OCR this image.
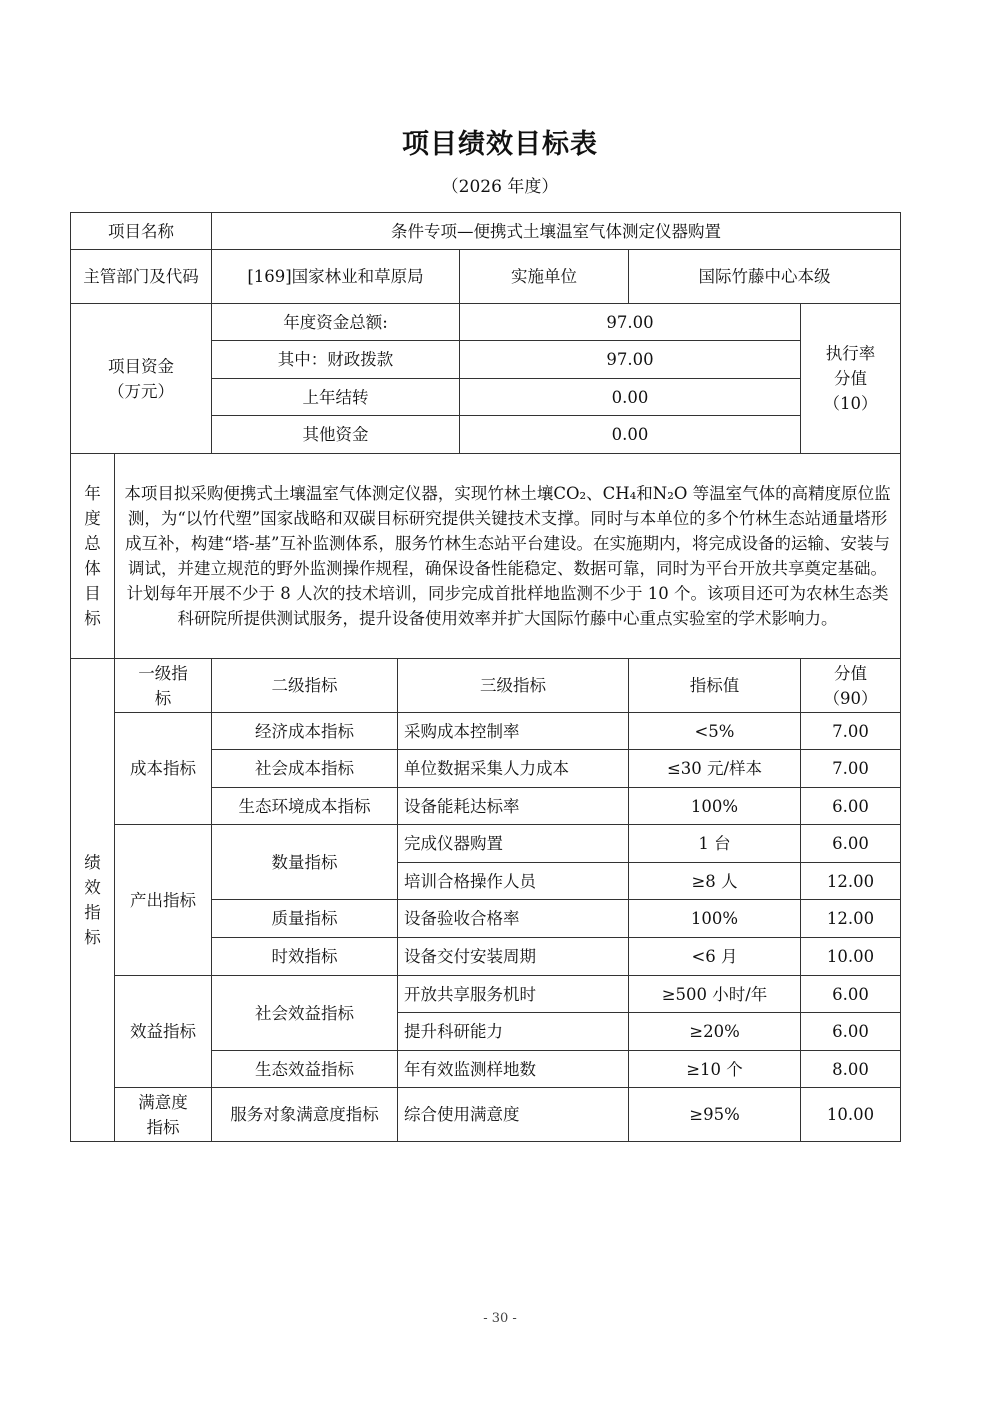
项目绩效目标表
（2026 年度）
项目名称		条件专项—便携式土壤温室气体测定仪器购置				
主管部门及代码		[169]国家林业和草原局		实施单位	国际竹藤中心本级	
项目资金（万元）		年度资金总额:		97.00		执行率分值（10）
		其中：财政拨款		97.00		
		上年结转		0.00		
		其他资金		0.00		
年度总体目标	本项目拟采购便携式土壤温室气体测定仪器，实现竹林土壤CO₂、CH₄和N₂O 等温室气体的高精度原位监测，为“以竹代塑”国家战略和双碳目标研究提供关键技术支撑。同时与本单位的多个竹林生态站通量塔形成互补，构建“塔-基”互补监测体系，服务竹林生态站平台建设。在实施期内，将完成设备的运输、安装与调试，并建立规范的野外监测操作规程，确保设备性能稳定、数据可靠，同时为平台开放共享奠定基础。计划每年开展不少于 8 人次的技术培训，同步完成首批样地监测不少于 10 个。该项目还可为农林生态类科研院所提供测试服务，提升设备使用效率并扩大国际竹藤中心重点实验室的学术影响力。					
绩效指标	一级指标	二级指标	三级指标		指标值	分值（90）
	成本指标	经济成本指标	采购成本控制率		<5%	7.00
		社会成本指标	单位数据采集人力成本		≤30 元/样本	7.00
		生态环境成本指标	设备能耗达标率		100%	6.00
	产出指标	数量指标	完成仪器购置		1 台	6.00
			培训合格操作人员		≥8 人	12.00
		质量指标	设备验收合格率		100%	12.00
		时效指标	设备交付安装周期		<6 月	10.00
	效益指标	社会效益指标	开放共享服务机时		≥500 小时/年	6.00
			提升科研能力		≥20%	6.00
		生态效益指标	年有效监测样地数		≥10 个	8.00
	满意度指标	服务对象满意度指标	综合使用满意度		≥95%	10.00
- 30 -
